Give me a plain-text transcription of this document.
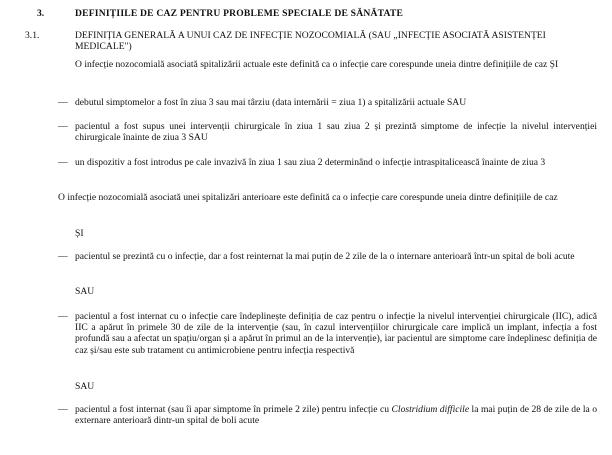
3.	DEFINIȚIILE DE CAZ PENTRU PROBLEME SPECIALE DE SĂNĂTATE
3.1.	DEFINIȚIA GENERALĂ A UNUI CAZ DE INFECȚIE NOZOCOMIALĂ (SAU „INFECȚIE ASOCIATĂ ASISTENȚEI MEDICALE")
O infecție nozocomială asociată spitalizării actuale este definită ca o infecție care corespunde uneia dintre definițiile de caz ȘI
— debutul simptomelor a fost în ziua 3 sau mai târziu (data internării = ziua 1) a spitalizării actuale SAU
— pacientul a fost supus unei intervenții chirurgicale în ziua 1 sau ziua 2 și prezintă simptome de infecție la nivelul intervenției chirurgicale înainte de ziua 3 SAU
— un dispozitiv a fost introdus pe cale invazivă în ziua 1 sau ziua 2 determinând o infecție intraspitalicească înainte de ziua 3
O infecție nozocomială asociată unei spitalizări anterioare este definită ca o infecție care corespunde uneia dintre definițiile de caz
ȘI
— pacientul se prezintă cu o infecție, dar a fost reinternat la mai puțin de 2 zile de la o internare anterioară într-un spital de boli acute
SAU
— pacientul a fost internat cu o infecție care îndeplinește definiția de caz pentru o infecție la nivelul intervenției chirurgicale (IIC), adică IIC a apărut în primele 30 de zile de la intervenție (sau, în cazul intervențiilor chirurgicale care implică un implant, infecția a fost profundă sau a afectat un spațiu/organ și a apărut în primul an de la intervenție), iar pacientul are simptome care îndeplinesc definiția de caz și/sau este sub tratament cu antimicrobiene pentru infecția respectivă
SAU
— pacientul a fost internat (sau îi apar simptome în primele 2 zile) pentru infecție cu Clostridium difficile la mai puțin de 28 de zile de la o externare anterioară dintr-un spital de boli acute
